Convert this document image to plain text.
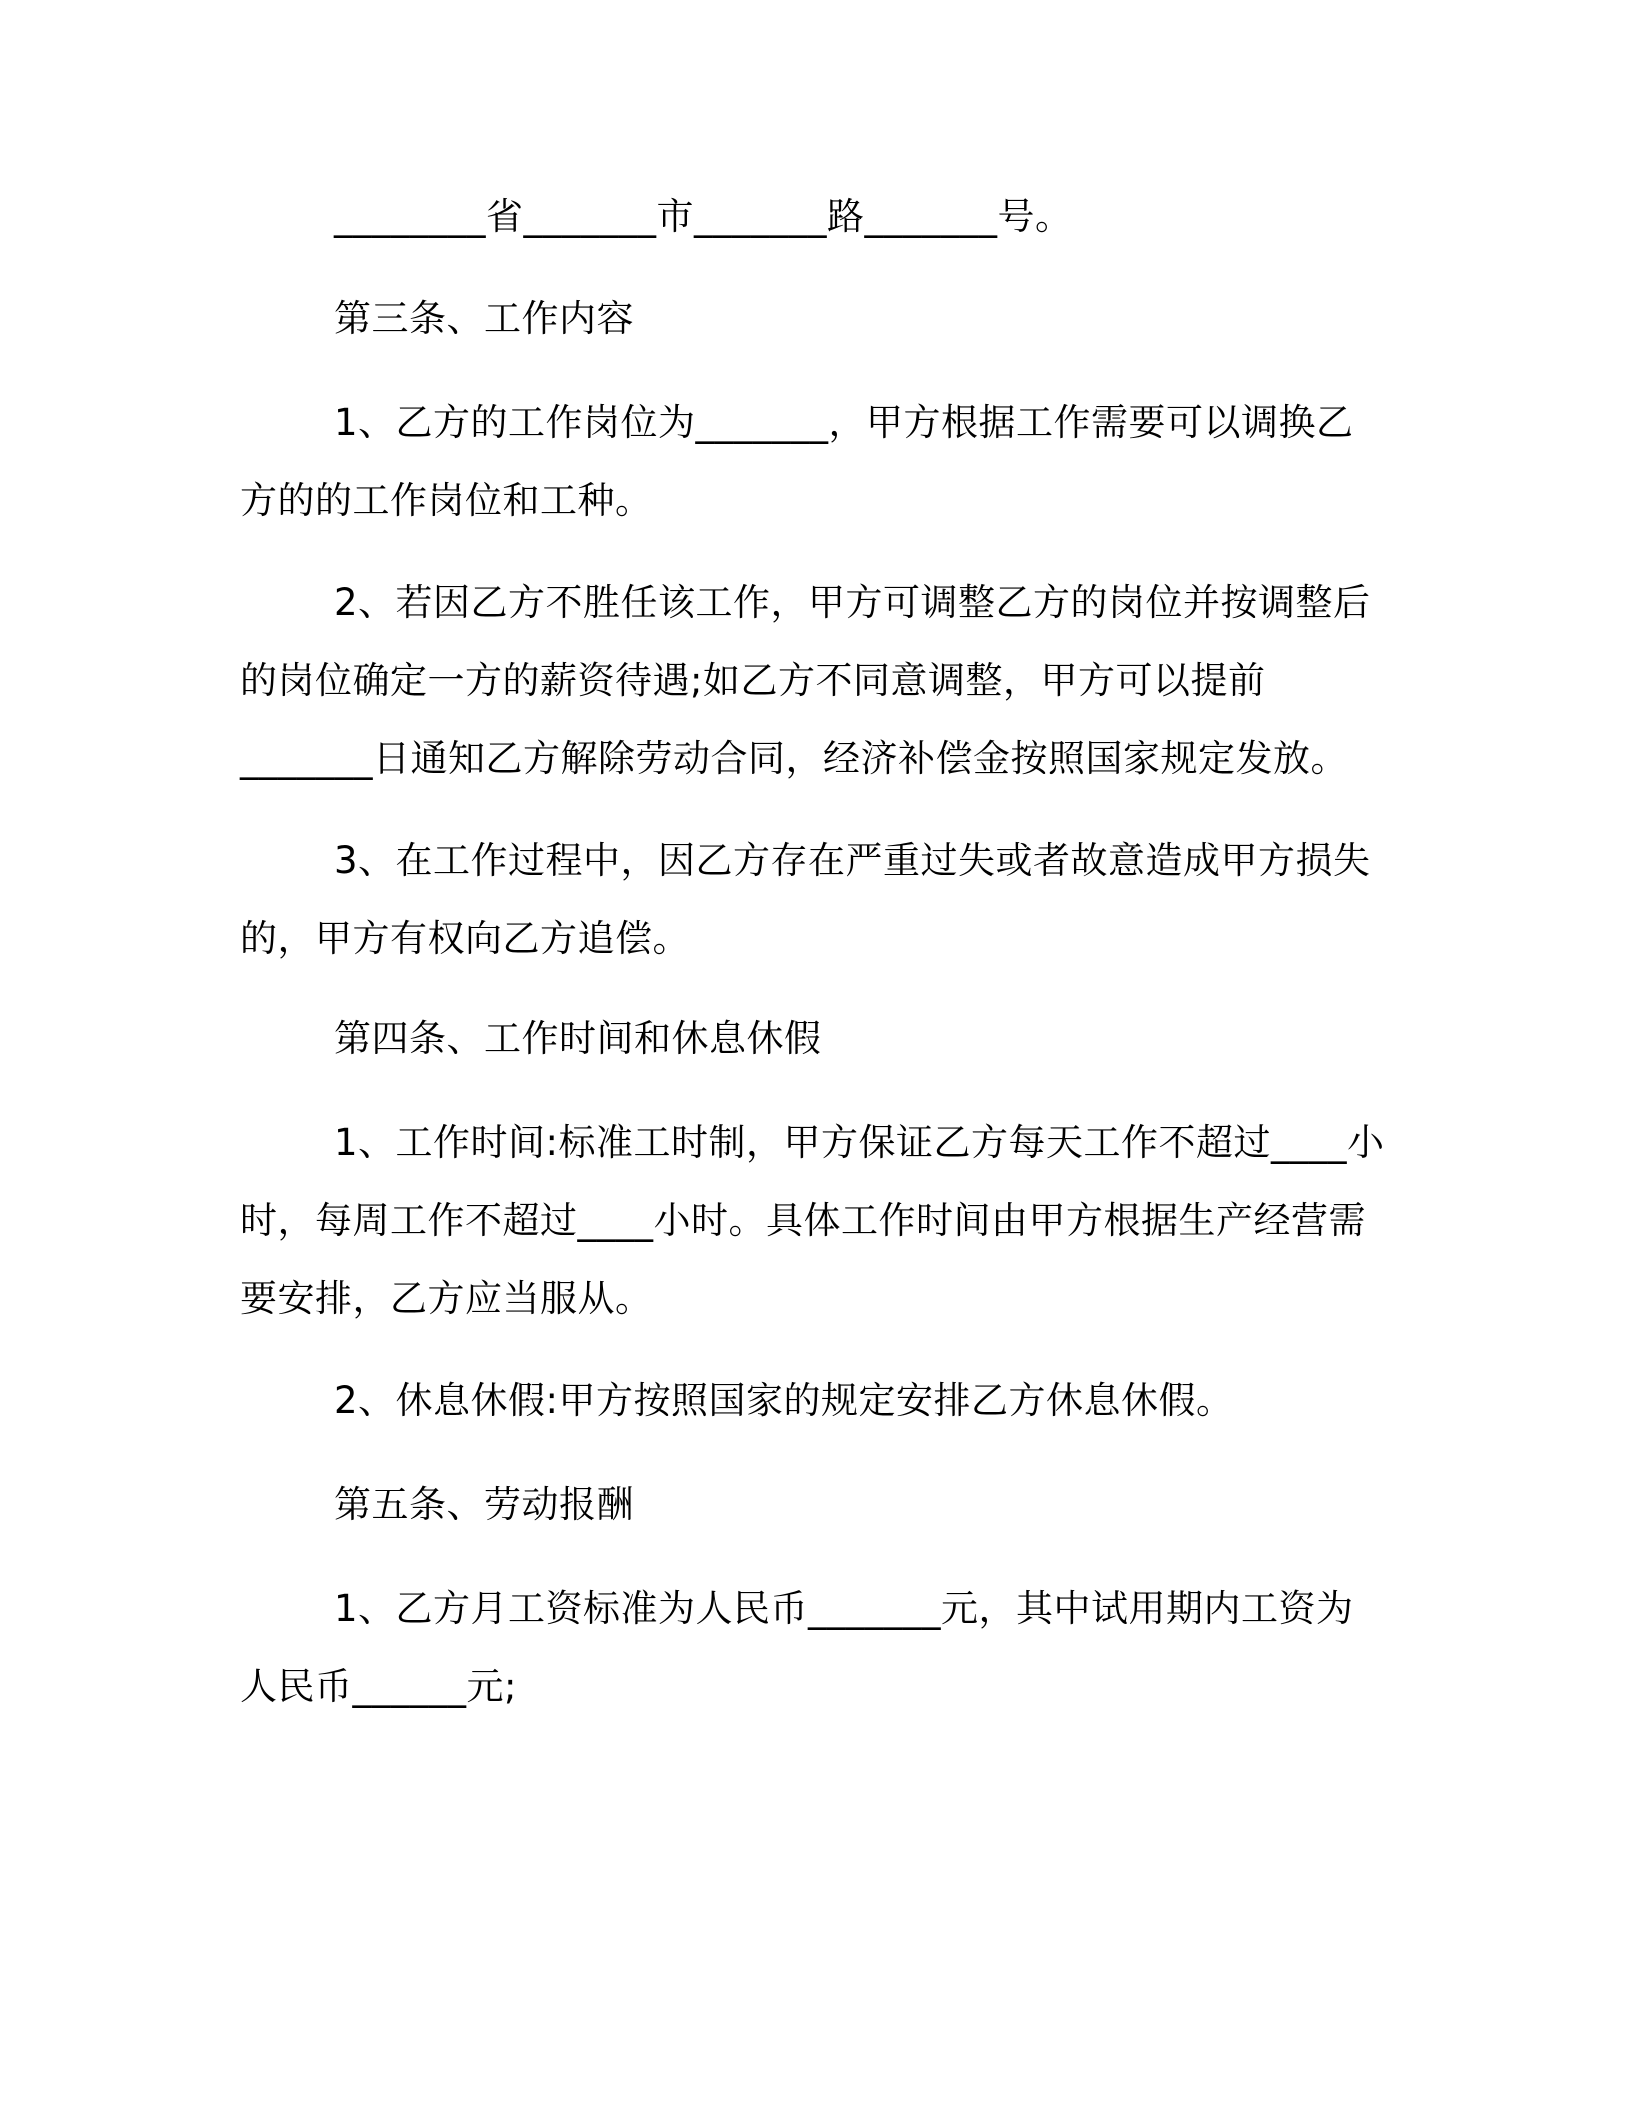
________省_______市_______路_______号。

第三条、工作内容

1、乙方的工作岗位为_______，甲方根据工作需要可以调换乙
方的的工作岗位和工种。

2、若因乙方不胜任该工作，甲方可调整乙方的岗位并按调整后
的岗位确定一方的薪资待遇;如乙方不同意调整，甲方可以提前
_______日通知乙方解除劳动合同，经济补偿金按照国家规定发放。

3、在工作过程中，因乙方存在严重过失或者故意造成甲方损失
的，甲方有权向乙方追偿。

第四条、工作时间和休息休假

1、工作时间:标准工时制，甲方保证乙方每天工作不超过____小
时，每周工作不超过____小时。具体工作时间由甲方根据生产经营需
要安排，乙方应当服从。

2、休息休假:甲方按照国家的规定安排乙方休息休假。

第五条、劳动报酬

1、乙方月工资标准为人民币_______元，其中试用期内工资为
人民币______元;
